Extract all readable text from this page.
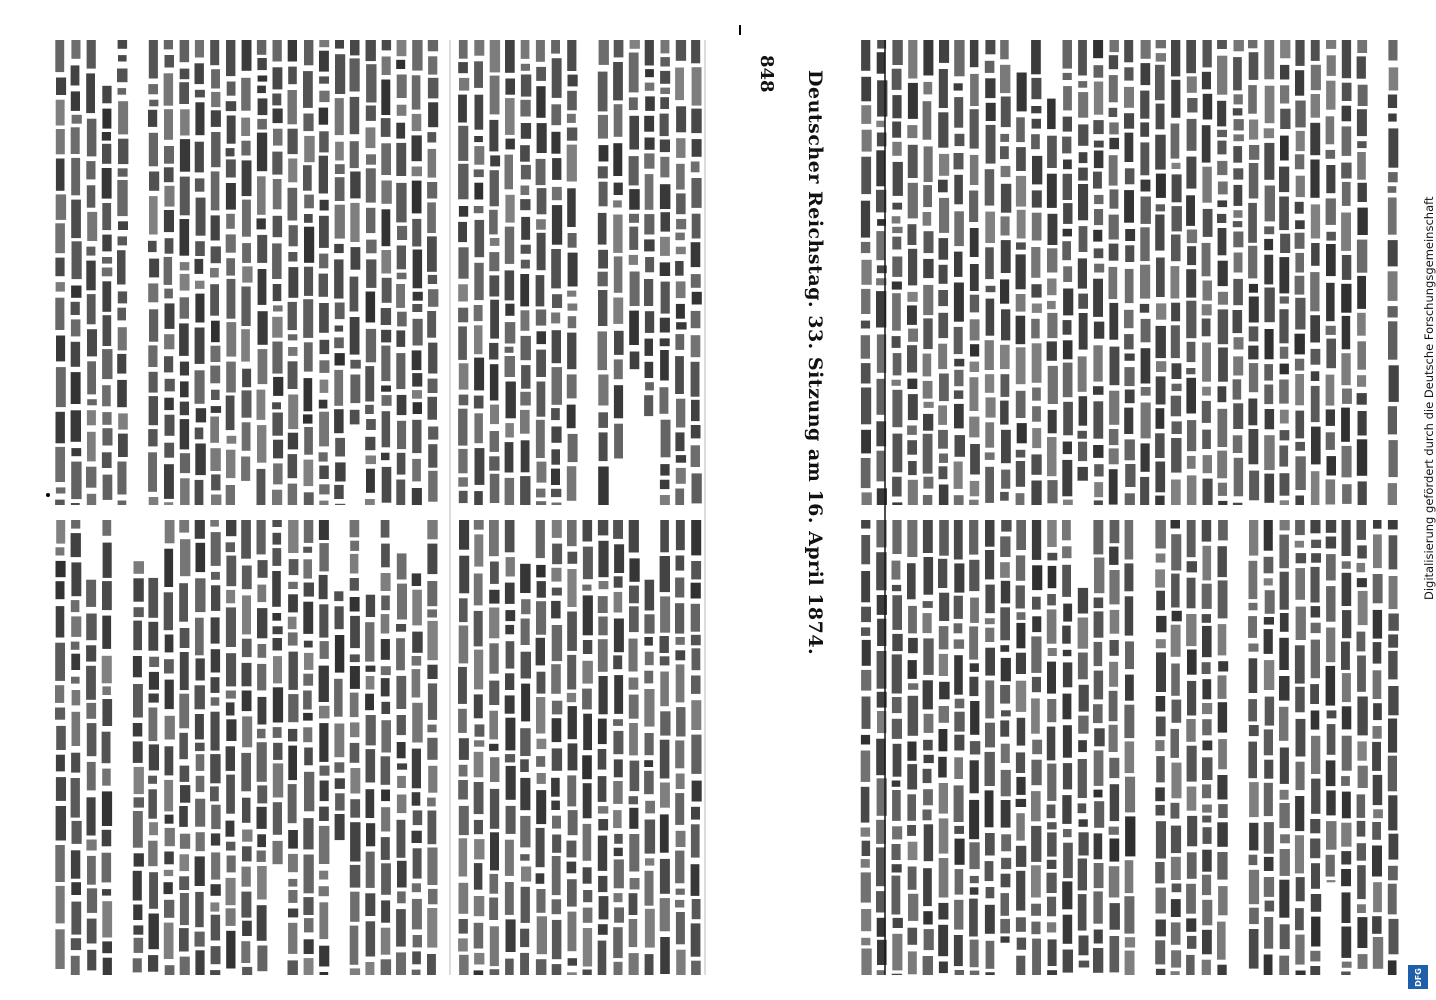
848 Deutscher Reichstag. 33. Sitzung am 16. April 1874.	Digitalisierung gefördert durch die Deutsche Forschungsgemeinschaft
DFG
